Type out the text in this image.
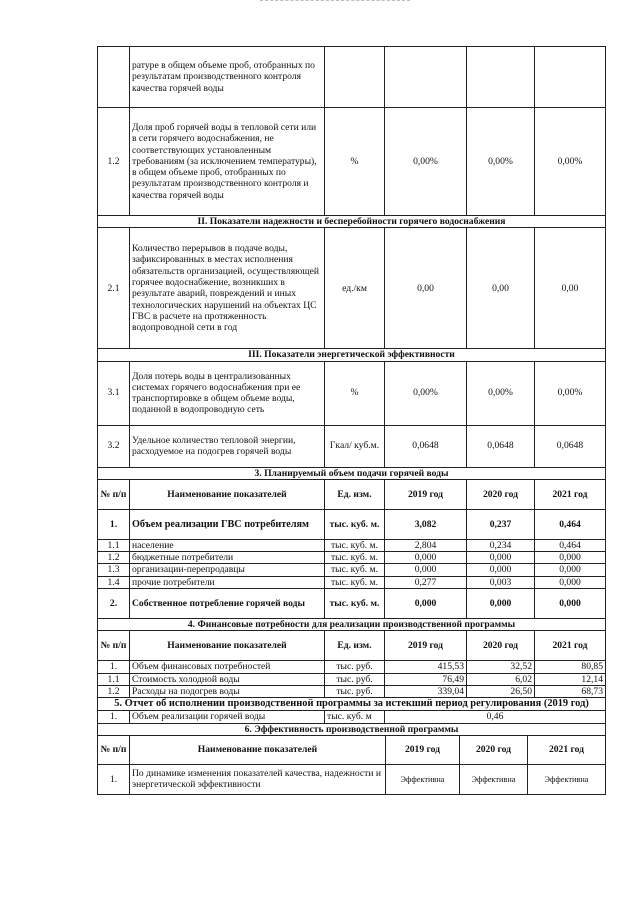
	ратуре в общем объеме проб, отобранных по результатам производственного контроля качества горячей воды				
1.2	Доля проб горячей воды в тепловой сети или в сети горячего водоснабжения, не соответствующих установленным требованиям (за исключением температуры), в общем объеме проб, отобранных по результатам производственного контроля и качества горячей воды	%	0,00%	0,00%	0,00%
II. Показатели надежности и бесперебойности горячего водоснабжения					
2.1	Количество перерывов в подаче воды, зафиксированных в местах исполнения обязательств организацией, осуществляющей горячее водоснабжение, возникших в результате аварий, повреждений и иных технологических нарушений на объектах ЦС ГВС в расчете на протяженность водопроводной сети в год	ед./км	0,00	0,00	0,00
III. Показатели энергетической эффективности					
3.1	Доля потерь воды в централизованных системах горячего водоснабжения при ее транспортировке в общем объеме воды, поданной в водопроводную сеть	%	0,00%	0,00%	0,00%
3.2	Удельное количество тепловой энергии, расходуемое на подогрев горячей воды	Гкал/ куб.м.	0,0648	0,0648	0,0648
3. Планируемый объем подачи горячей воды					
№ п/п	Наименование показателей	Ед. изм.	2019 год	2020 год	2021 год
1.	Объем реализации ГВС потребителям	тыс. куб. м.	3,082	0,237	0,464
1.1	население	тыс. куб. м.	2,804	0,234	0,464
1.2	бюджетные потребители	тыс. куб. м.	0,000	0,000	0,000
1.3	организации-перепродавцы	тыс. куб. м.	0,000	0,000	0,000
1.4	прочие потребители	тыс. куб. м.	0,277	0,003	0,000
2.	Собственное потребление горячей воды	тыс. куб. м.	0,000	0,000	0,000
4. Финансовые потребности для реализации производственной программы					
№ п/п	Наименование показателей	Ед. изм.	2019 год	2020 год	2021 год
1.	Объем финансовых потребностей	тыс. руб.	415,53	32,52	80,85
1.1	Стоимость холодной воды	тыс. руб.	76,49	6,02	12,14
1.2	Расходы на подогрев воды	тыс. руб.	339,04	26,50	68,73
5. Отчет об исполнении производственной программы за истекший период регулирования (2019 год)					
1.	Объем реализации горячей воды	тыс. куб. м	0,46		
6. Эффективность производственной программы					
№ п/п	Наименование показателей	2019 год	2020 год	2021 год
1.	По динамике изменения показателей качества, надежности и энергетической эффективности	Эффективна	Эффективна	Эффективна
